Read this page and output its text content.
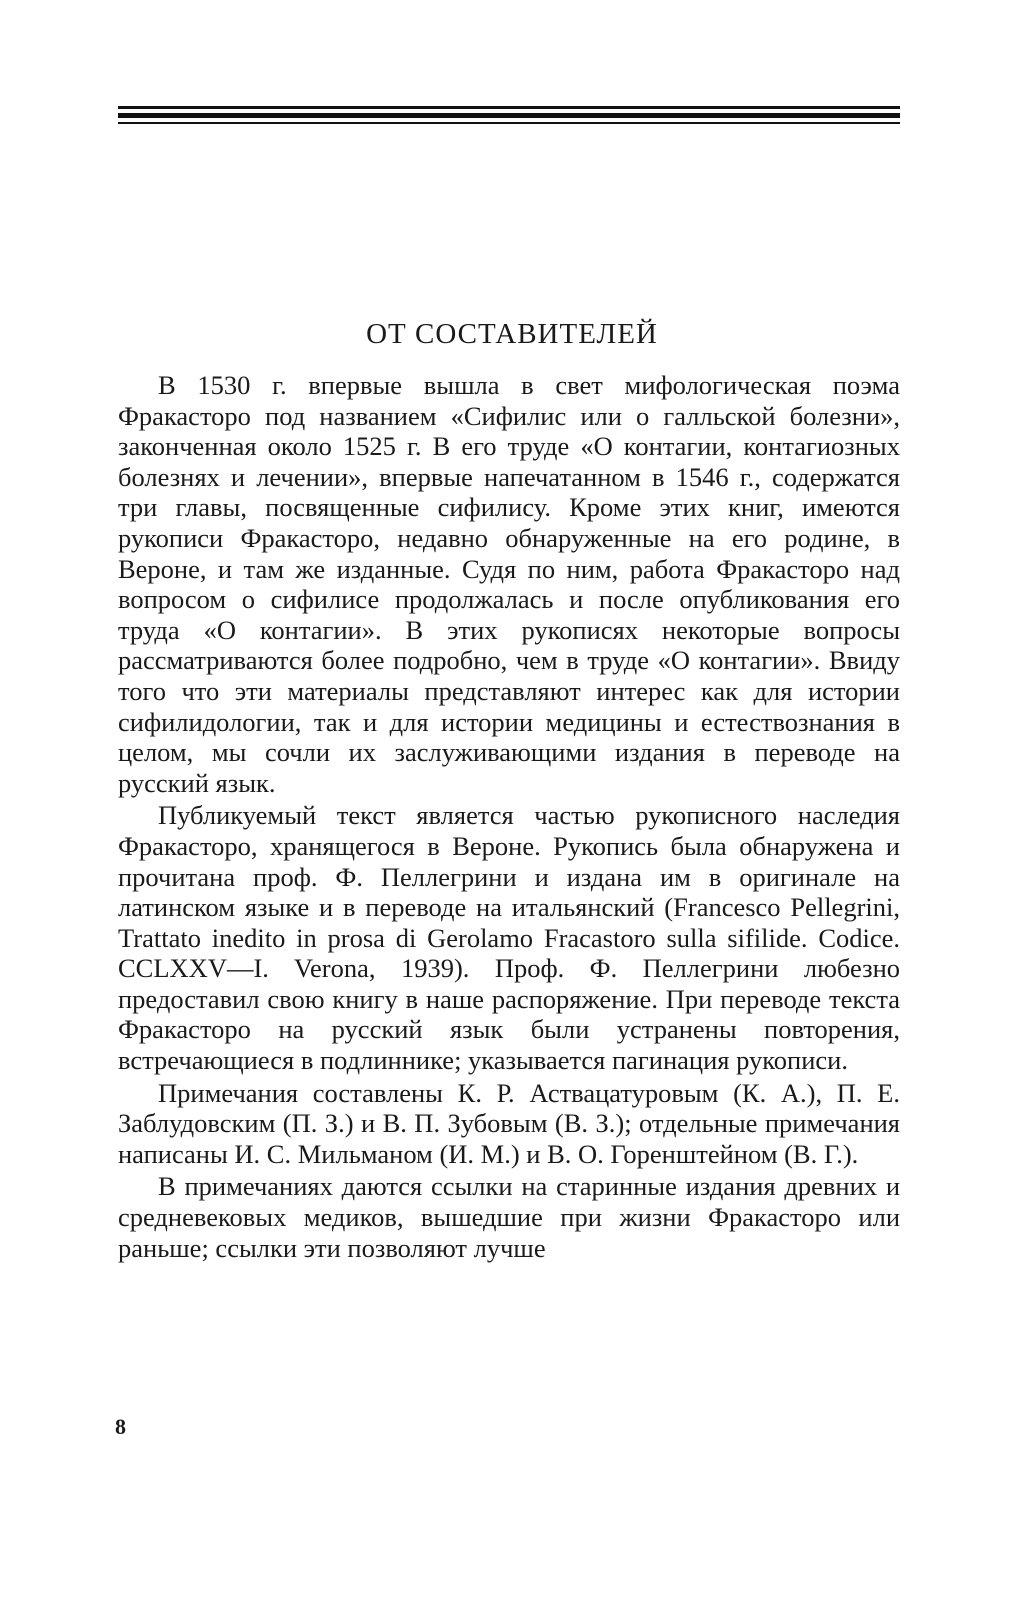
ОТ СОСТАВИТЕЛЕЙ

В 1530 г. впервые вышла в свет мифологическая поэма Фракасторо под названием «Сифилис или о галльской болезни», законченная около 1525 г. В его труде «О контагии, контагиозных болезнях и лечении», впервые напечатанном в 1546 г., содержатся три главы, посвященные сифилису. Кроме этих книг, имеются рукописи Фракасторо, недавно обнаруженные на его родине, в Вероне, и там же изданные. Судя по ним, работа Фракасторо над вопросом о сифилисе продолжалась и после опубликования его труда «О контагии». В этих рукописях некоторые вопросы рассматриваются более подробно, чем в труде «О контагии». Ввиду того что эти материалы представляют интерес как для истории сифилидологии, так и для истории медицины и естествознания в целом, мы сочли их заслуживающими издания в переводе на русский язык.

Публикуемый текст является частью рукописного наследия Фракасторо, хранящегося в Вероне. Рукопись была обнаружена и прочитана проф. Ф. Пеллегрини и издана им в оригинале на латинском языке и в переводе на итальянский (Francesco Pellegrini, Trattato inedito in prosa di Gerolamo Fracastoro sulla sifilide. Codice. CCLXXV—I. Verona, 1939). Проф. Ф. Пеллегрини любезно предоставил свою книгу в наше распоряжение. При переводе текста Фракасторо на русский язык были устранены повторения, встречающиеся в подлиннике; указывается пагинация рукописи.

Примечания составлены К. Р. Аствацатуровым (К. А.), П. Е. Заблудовским (П. З.) и В. П. Зубовым (В. З.); отдельные примечания написаны И. С. Мильманом (И. М.) и В. О. Горенштейном (В. Г.).

В примечаниях даются ссылки на старинные издания древних и средневековых медиков, вышедшие при жизни Фракасторо или раньше; ссылки эти позволяют лучше

8
